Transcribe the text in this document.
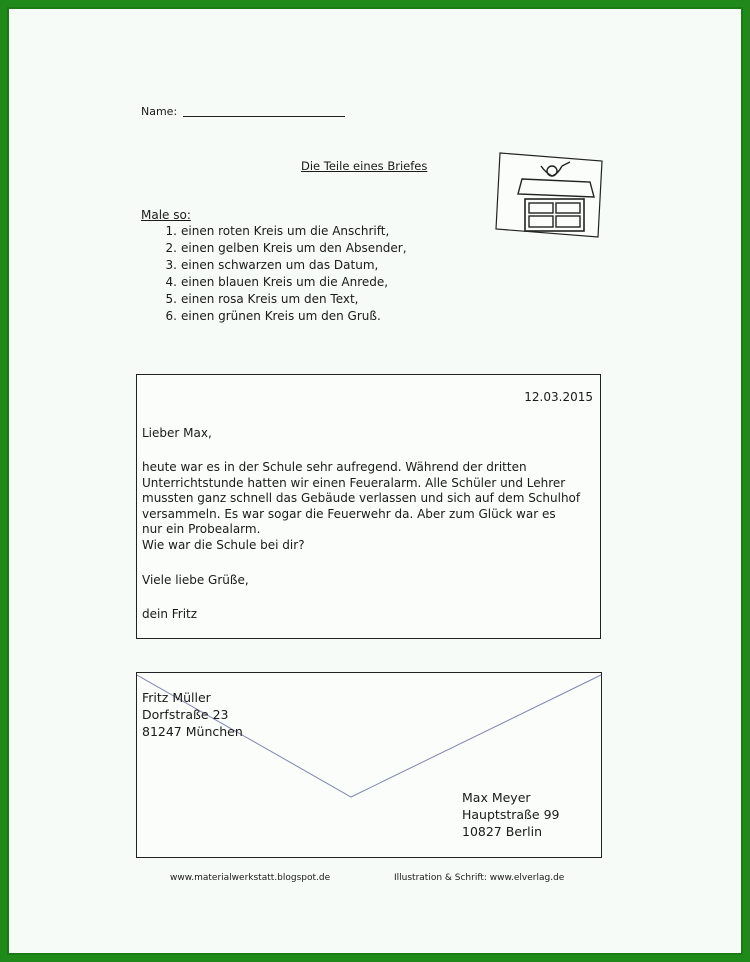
Name:
Die Teile eines Briefes
Male so:
1. einen roten Kreis um die Anschrift,
2. einen gelben Kreis um den Absender,
3. einen schwarzen um das Datum,
4. einen blauen Kreis um die Anrede,
5. einen rosa Kreis um den Text,
6. einen grünen Kreis um den Gruß.
12.03.2015
Lieber Max,
heute war es in der Schule sehr aufregend. Während der dritten
Unterrichtstunde hatten wir einen Feueralarm. Alle Schüler und Lehrer
mussten ganz schnell das Gebäude verlassen und sich auf dem Schulhof
versammeln. Es war sogar die Feuerwehr da. Aber zum Glück war es
nur ein Probealarm.
Wie war die Schule bei dir?
Viele liebe Grüße,
dein Fritz
Fritz Müller
Dorfstraße 23
81247 München
Max Meyer
Hauptstraße 99
10827 Berlin
www.materialwerkstatt.blogspot.de	Illustration & Schrift: www.elverlag.de
